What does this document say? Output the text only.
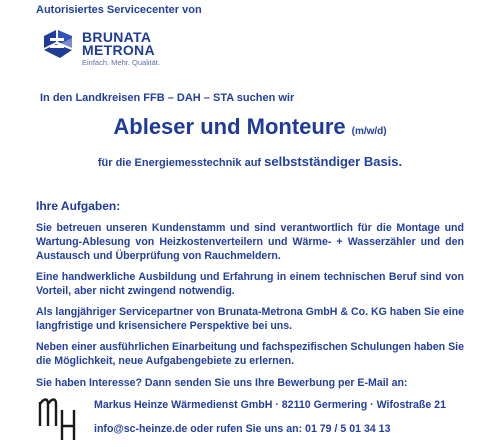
Autorisiertes Servicecenter von
BRUNATA
METRONA
Einfach. Mehr. Qualität.
In den Landkreisen FFB – DAH – STA suchen wir
Ableser und Monteure (m/w/d)
für die Energiemesstechnik auf selbstständiger Basis.
Ihre Aufgaben:
Sie betreuen unseren Kundenstamm und sind verantwortlich für die Montage und Wartung-Ablesung von Heizkostenverteilern und Wärme- + Wasserzähler und den Austausch und Überprüfung von Rauchmeldern.
Eine handwerkliche Ausbildung und Erfahrung in einem technischen Beruf sind von Vorteil, aber nicht zwingend notwendig.
Als langjähriger Servicepartner von Brunata-Metrona GmbH & Co. KG haben Sie eine langfristige und krisensichere Perspektive bei uns.
Neben einer ausführlichen Einarbeitung und fachspezifischen Schulungen haben Sie die Möglichkeit, neue Aufgabengebiete zu erlernen.
Sie haben Interesse? Dann senden Sie uns Ihre Bewerbung per E-Mail an:
Markus Heinze Wärmedienst GmbH · 82110 Germering · Wifostraße 21
info@sc-heinze.de oder rufen Sie uns an: 01 79 / 5 01 34 13
